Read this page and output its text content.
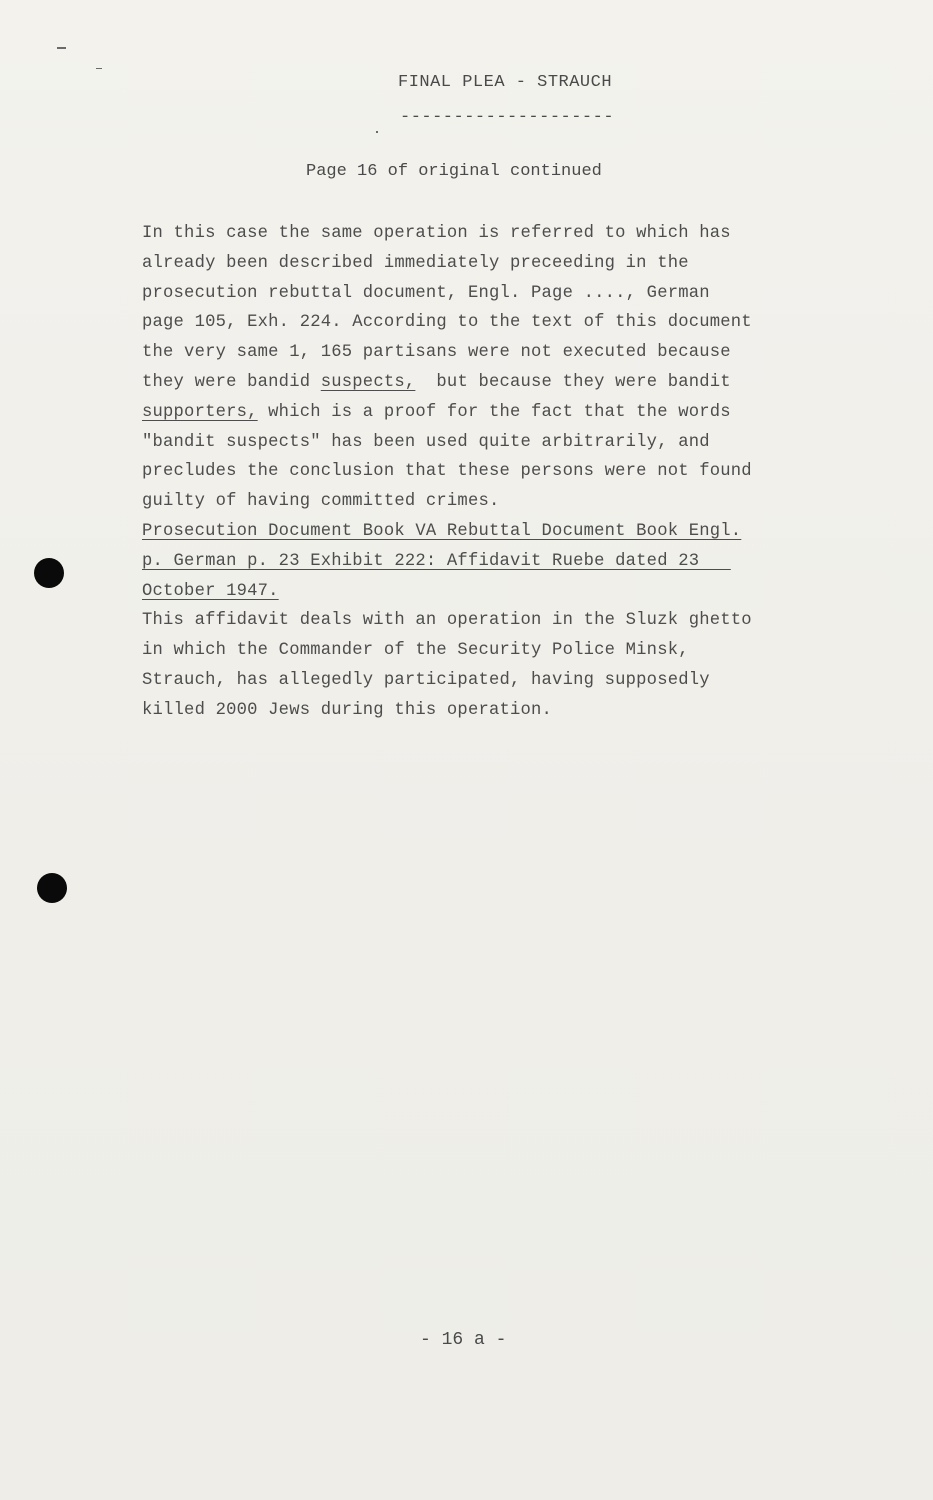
FINAL PLEA - STRAUCH
--------------------
Page 16 of original continued
In this case the same operation is referred to which has
already been described immediately preceeding in the
prosecution rebuttal document, Engl. Page ...., German
page 105, Exh. 224. According to the text of this document
the very same 1, 165 partisans were not executed because
they were bandid suspects,  but because they were bandit
supporters, which is a proof for the fact that the words
"bandit suspects" has been used quite arbitrarily, and
precludes the conclusion that these persons were not found
guilty of having committed crimes.
Prosecution Document Book VA Rebuttal Document Book Engl.
p. German p. 23 Exhibit 222: Affidavit Ruebe dated 23
October 1947.
This affidavit deals with an operation in the Sluzk ghetto
in which the Commander of the Security Police Minsk,
Strauch, has allegedly participated, having supposedly
killed 2000 Jews during this operation.
- 16 a -
